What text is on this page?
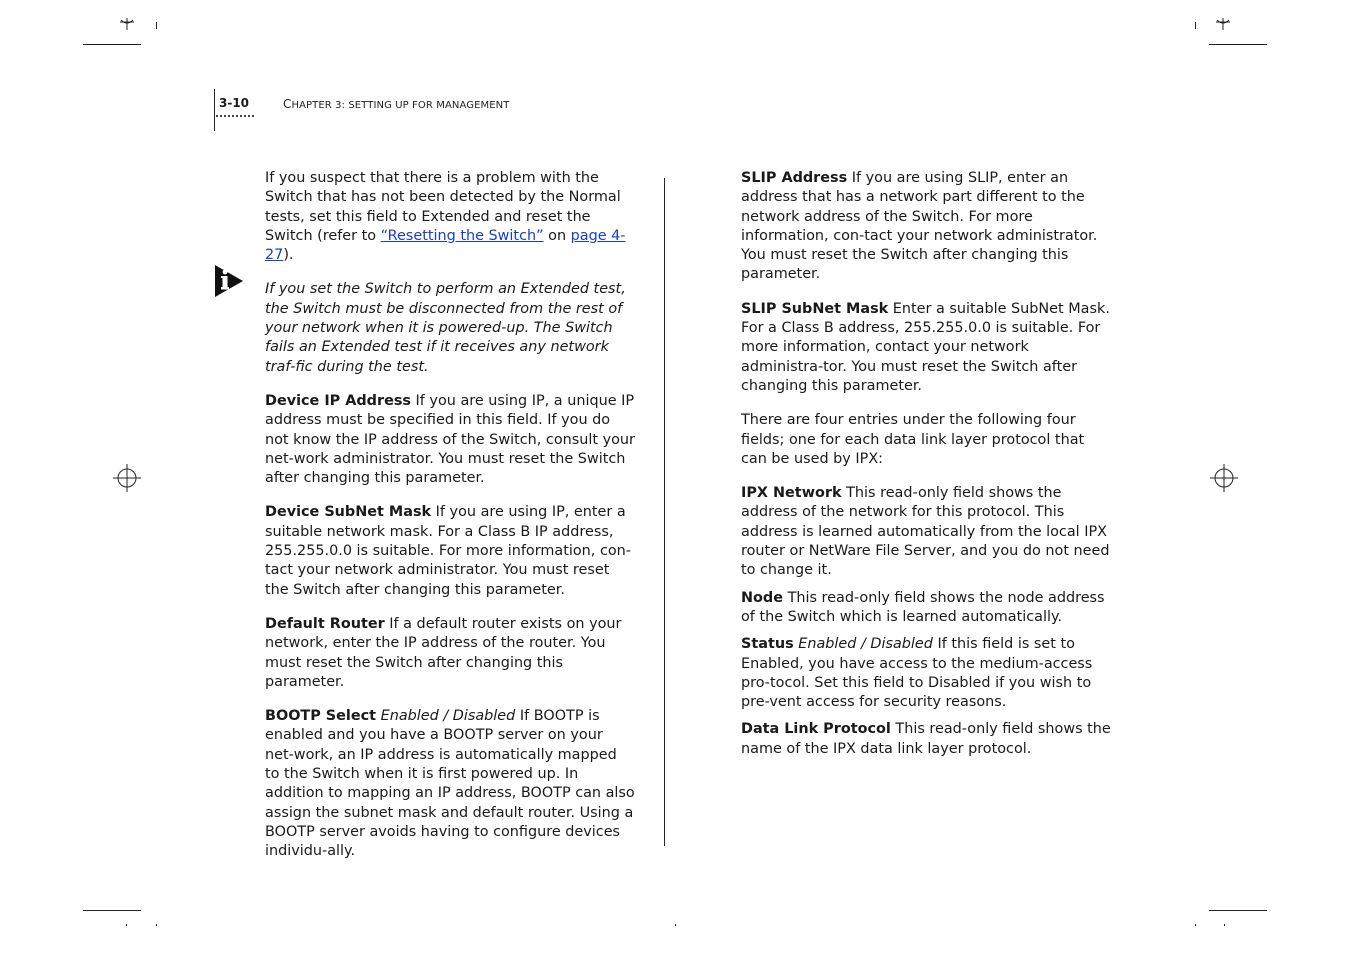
3-10	CHAPTER 3: SETTING UP FOR MANAGEMENT

If you suspect that there is a problem with the Switch that has not been detected by the Normal tests, set this field to Extended and reset the Switch (refer to “Resetting the Switch” on page 4-27).

If you set the Switch to perform an Extended test, the Switch must be disconnected from the rest of your network when it is powered-up. The Switch fails an Extended test if it receives any network traf-fic during the test.

Device IP Address If you are using IP, a unique IP address must be specified in this field. If you do not know the IP address of the Switch, consult your net-work administrator. You must reset the Switch after changing this parameter.

Device SubNet Mask If you are using IP, enter a suitable network mask. For a Class B IP address, 255.255.0.0 is suitable. For more information, con-tact your network administrator. You must reset the Switch after changing this parameter.

Default Router If a default router exists on your network, enter the IP address of the router. You must reset the Switch after changing this parameter.

BOOTP Select Enabled / Disabled If BOOTP is enabled and you have a BOOTP server on your net-work, an IP address is automatically mapped to the Switch when it is first powered up. In addition to mapping an IP address, BOOTP can also assign the subnet mask and default router. Using a BOOTP server avoids having to configure devices individu-ally.

SLIP Address If you are using SLIP, enter an address that has a network part different to the network address of the Switch. For more information, con-tact your network administrator. You must reset the Switch after changing this parameter.

SLIP SubNet Mask Enter a suitable SubNet Mask. For a Class B address, 255.255.0.0 is suitable. For more information, contact your network administra-tor. You must reset the Switch after changing this parameter.

There are four entries under the following four fields; one for each data link layer protocol that can be used by IPX:

IPX Network This read-only field shows the address of the network for this protocol. This address is learned automatically from the local IPX router or NetWare File Server, and you do not need to change it.

Node This read-only field shows the node address of the Switch which is learned automatically.

Status Enabled / Disabled If this field is set to Enabled, you have access to the medium-access pro-tocol. Set this field to Disabled if you wish to pre-vent access for security reasons.

Data Link Protocol This read-only field shows the name of the IPX data link layer protocol.
